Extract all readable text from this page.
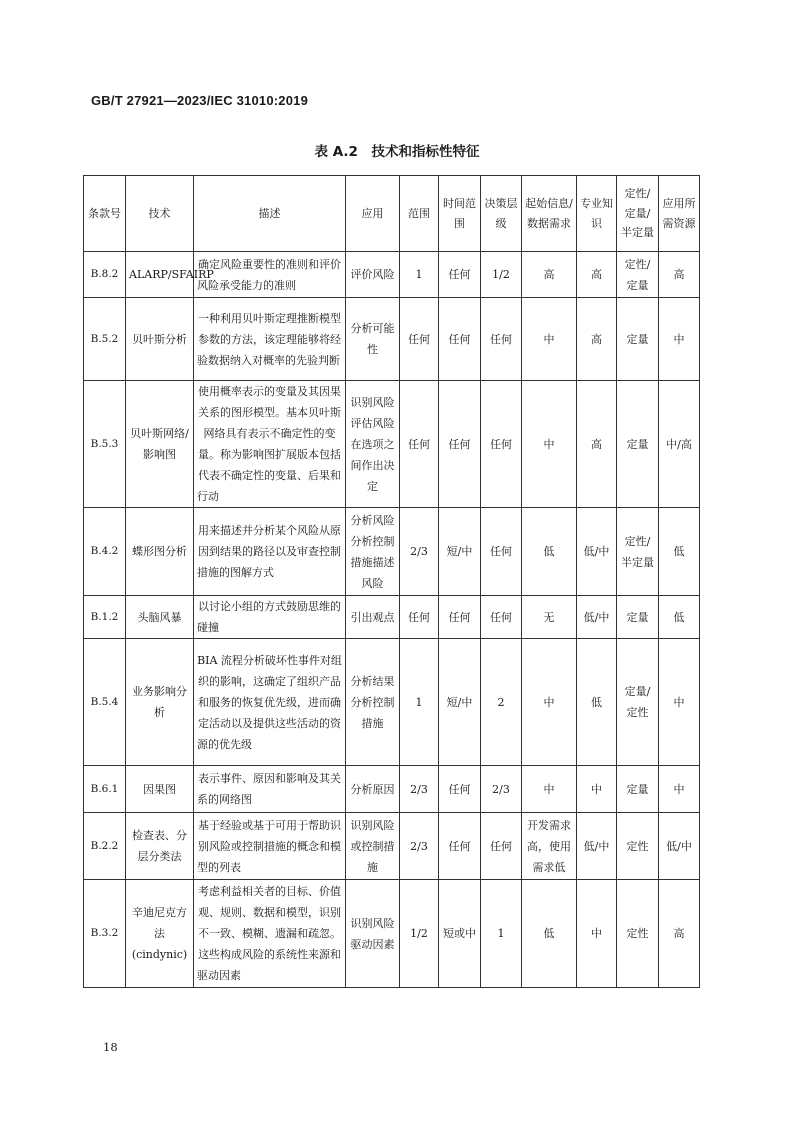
GB/T 27921—2023/IEC 31010:2019
表 A.2　技术和指标性特征
条款号	技术	描述	应用	范围	时间范围	决策层级	起始信息/数据需求	专业知识	定性/定量/半定量	应用所需资源
B.8.2	ALARP/SFAIRP	确定风险重要性的准则和评价风险承受能力的准则	评价风险	1	任何	1/2	高	高	定性/定量	高
B.5.2	贝叶斯分析	一种利用贝叶斯定理推断模型参数的方法，该定理能够将经验数据纳入对概率的先验判断	分析可能性	任何	任何	任何	中	高	定量	中
B.5.3	贝叶斯网络/影响图	使用概率表示的变量及其因果关系的图形模型。基本贝叶斯网络具有表示不确定性的变量。称为影响图扩展版本包括代表不确定性的变量、后果和行动	识别风险评估风险在选项之间作出决定	任何	任何	任何	中	高	定量	中/高
B.4.2	蝶形图分析	用来描述并分析某个风险从原因到结果的路径以及审查控制措施的图解方式	分析风险分析控制措施描述风险	2/3	短/中	任何	低	低/中	定性/半定量	低
B.1.2	头脑风暴	以讨论小组的方式鼓励思维的碰撞	引出观点	任何	任何	任何	无	低/中	定量	低
B.5.4	业务影响分析	BIA 流程分析破坏性事件对组织的影响，这确定了组织产品和服务的恢复优先级，进而确定活动以及提供这些活动的资源的优先级	分析结果分析控制措施	1	短/中	2	中	低	定量/定性	中
B.6.1	因果图	表示事件、原因和影响及其关系的网络图	分析原因	2/3	任何	2/3	中	中	定量	中
B.2.2	检查表、分层分类法	基于经验或基于可用于帮助识别风险或控制措施的概念和模型的列表	识别风险或控制措施	2/3	任何	任何	开发需求高，使用需求低	低/中	定性	低/中
B.3.2	辛迪尼克方法(cindynic)	考虑利益相关者的目标、价值观、规则、数据和模型，识别不一致、模糊、遗漏和疏忽。这些构成风险的系统性来源和驱动因素	识别风险驱动因素	1/2	短或中	1	低	中	定性	高
18
